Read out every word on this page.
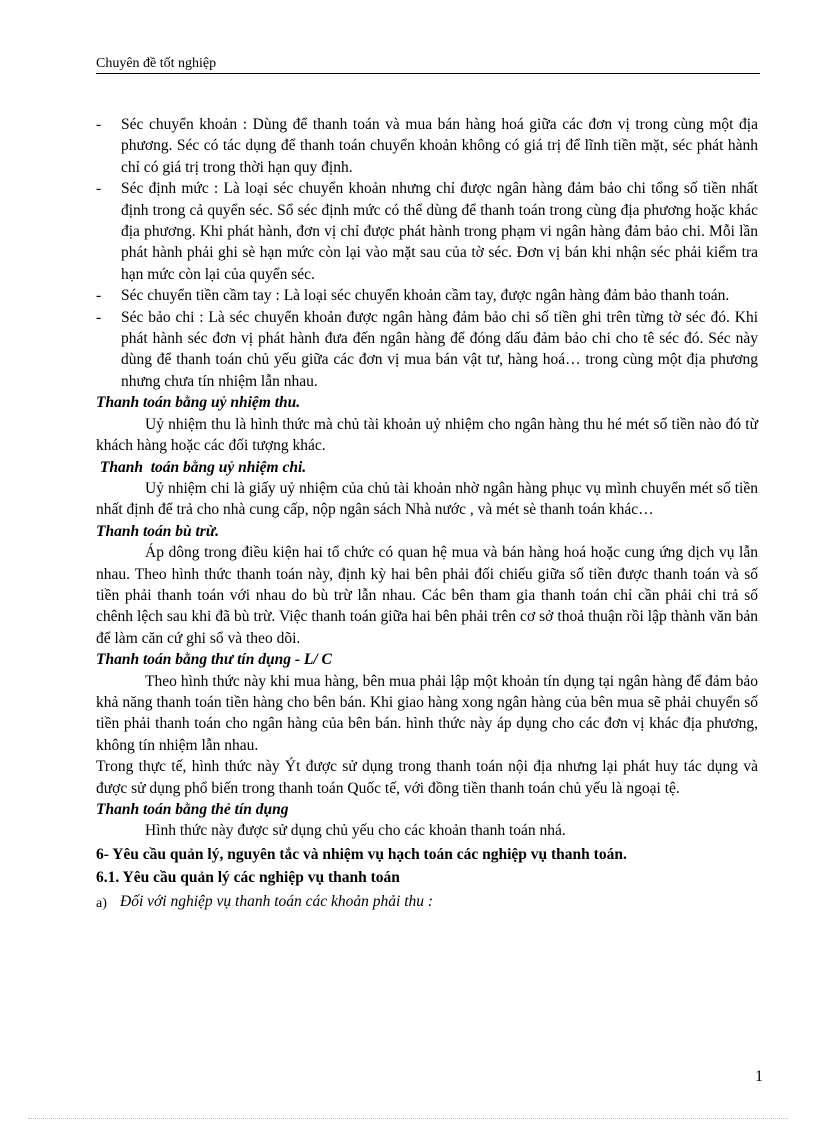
Chuyên đề tốt nghiệp

- Séc chuyển khoản : Dùng để thanh toán và mua bán hàng hoá giữa các đơn vị trong cùng một địa phương. Séc có tác dụng để thanh toán chuyển khoản không có giá trị để lĩnh tiền mặt, séc phát hành chỉ có giá trị trong thời hạn quy định.

- Séc định mức : Là loại séc chuyển khoản nhưng chỉ được ngân hàng đảm bảo chi tổng số tiền nhất định trong cả quyển séc. Sổ séc định mức có thể dùng để thanh toán trong cùng địa phương hoặc khác địa phương. Khi phát hành, đơn vị chỉ được phát hành trong phạm vi ngân hàng đảm bảo chi. Mỗi lần phát hành phải ghi sè hạn mức còn lại vào mặt sau của tờ séc. Đơn vị bán khi nhận séc phải kiểm tra hạn mức còn lại của quyển séc.

- Séc chuyển tiền cầm tay : Là loại séc chuyển khoản cầm tay, được ngân hàng đảm bảo thanh toán.

- Séc bảo chi : Là séc chuyển khoản được ngân hàng đảm bảo chi số tiền ghi trên từng tờ séc đó. Khi phát hành séc đơn vị phát hành đưa đến ngân hàng để đóng dấu đảm bảo chi cho tê séc đó. Séc này dùng để thanh toán chủ yếu giữa các đơn vị mua bán vật tư, hàng hoá… trong cùng một địa phương nhưng chưa tín nhiệm lẫn nhau.

Thanh toán bằng uỷ nhiệm thu.

Uỷ nhiệm thu là hình thức mà chủ tài khoản uỷ nhiệm cho ngân hàng thu hé mét số tiền nào đó từ khách hàng hoặc các đối tượng khác.

Thanh  toán bằng uỷ nhiệm chi.

Uỷ nhiệm chi là giấy uỷ nhiệm của chủ tài khoản nhờ ngân hàng phục vụ mình chuyển mét số tiền nhất định để trả cho nhà cung cấp, nộp ngân sách Nhà nước , và mét sè thanh toán khác…

Thanh toán bù trừ.

Áp dông trong điều kiện hai tổ chức có quan hệ mua và bán hàng hoá hoặc cung ứng dịch vụ lẫn nhau. Theo hình thức thanh toán này, định kỳ hai bên phải đối chiếu giữa số tiền được thanh toán và số tiền phải thanh toán với nhau do bù trừ lẫn nhau. Các bên tham gia thanh toán chỉ cần phải chi trả số chênh lệch sau khi đã bù trừ. Việc thanh toán giữa hai bên phải trên cơ sở thoả thuận rồi lập thành văn bản để làm căn cứ ghi sổ và theo dõi.

Thanh toán bằng thư tín dụng - L/ C

Theo hình thức này khi mua hàng, bên mua phải lập một khoản tín dụng tại ngân hàng để đảm bảo khả năng thanh toán tiền hàng cho bên bán. Khi giao hàng xong ngân hàng của bên mua sẽ phải chuyển số tiền phải thanh toán cho ngân hàng của bên bán. hình thức này áp dụng cho các đơn vị khác địa phương, không tín nhiệm lẫn nhau.

Trong thực tế, hình thức này Ýt được sử dụng trong thanh toán nội địa nhưng lại phát huy tác dụng và được sử dụng phổ biến trong thanh toán Quốc tế, với đồng tiền thanh toán chủ yếu là ngoại tệ.

Thanh toán bằng thẻ tín dụng

Hình thức này được sử dụng chủ yếu cho các khoản thanh toán nhá.

6- Yêu cầu quản lý, nguyên tắc và nhiệm vụ hạch toán các nghiệp vụ thanh toán.

6.1. Yêu cầu quản lý các nghiệp vụ thanh toán

a) Đối với nghiệp vụ thanh toán các khoản phải thu :

1
